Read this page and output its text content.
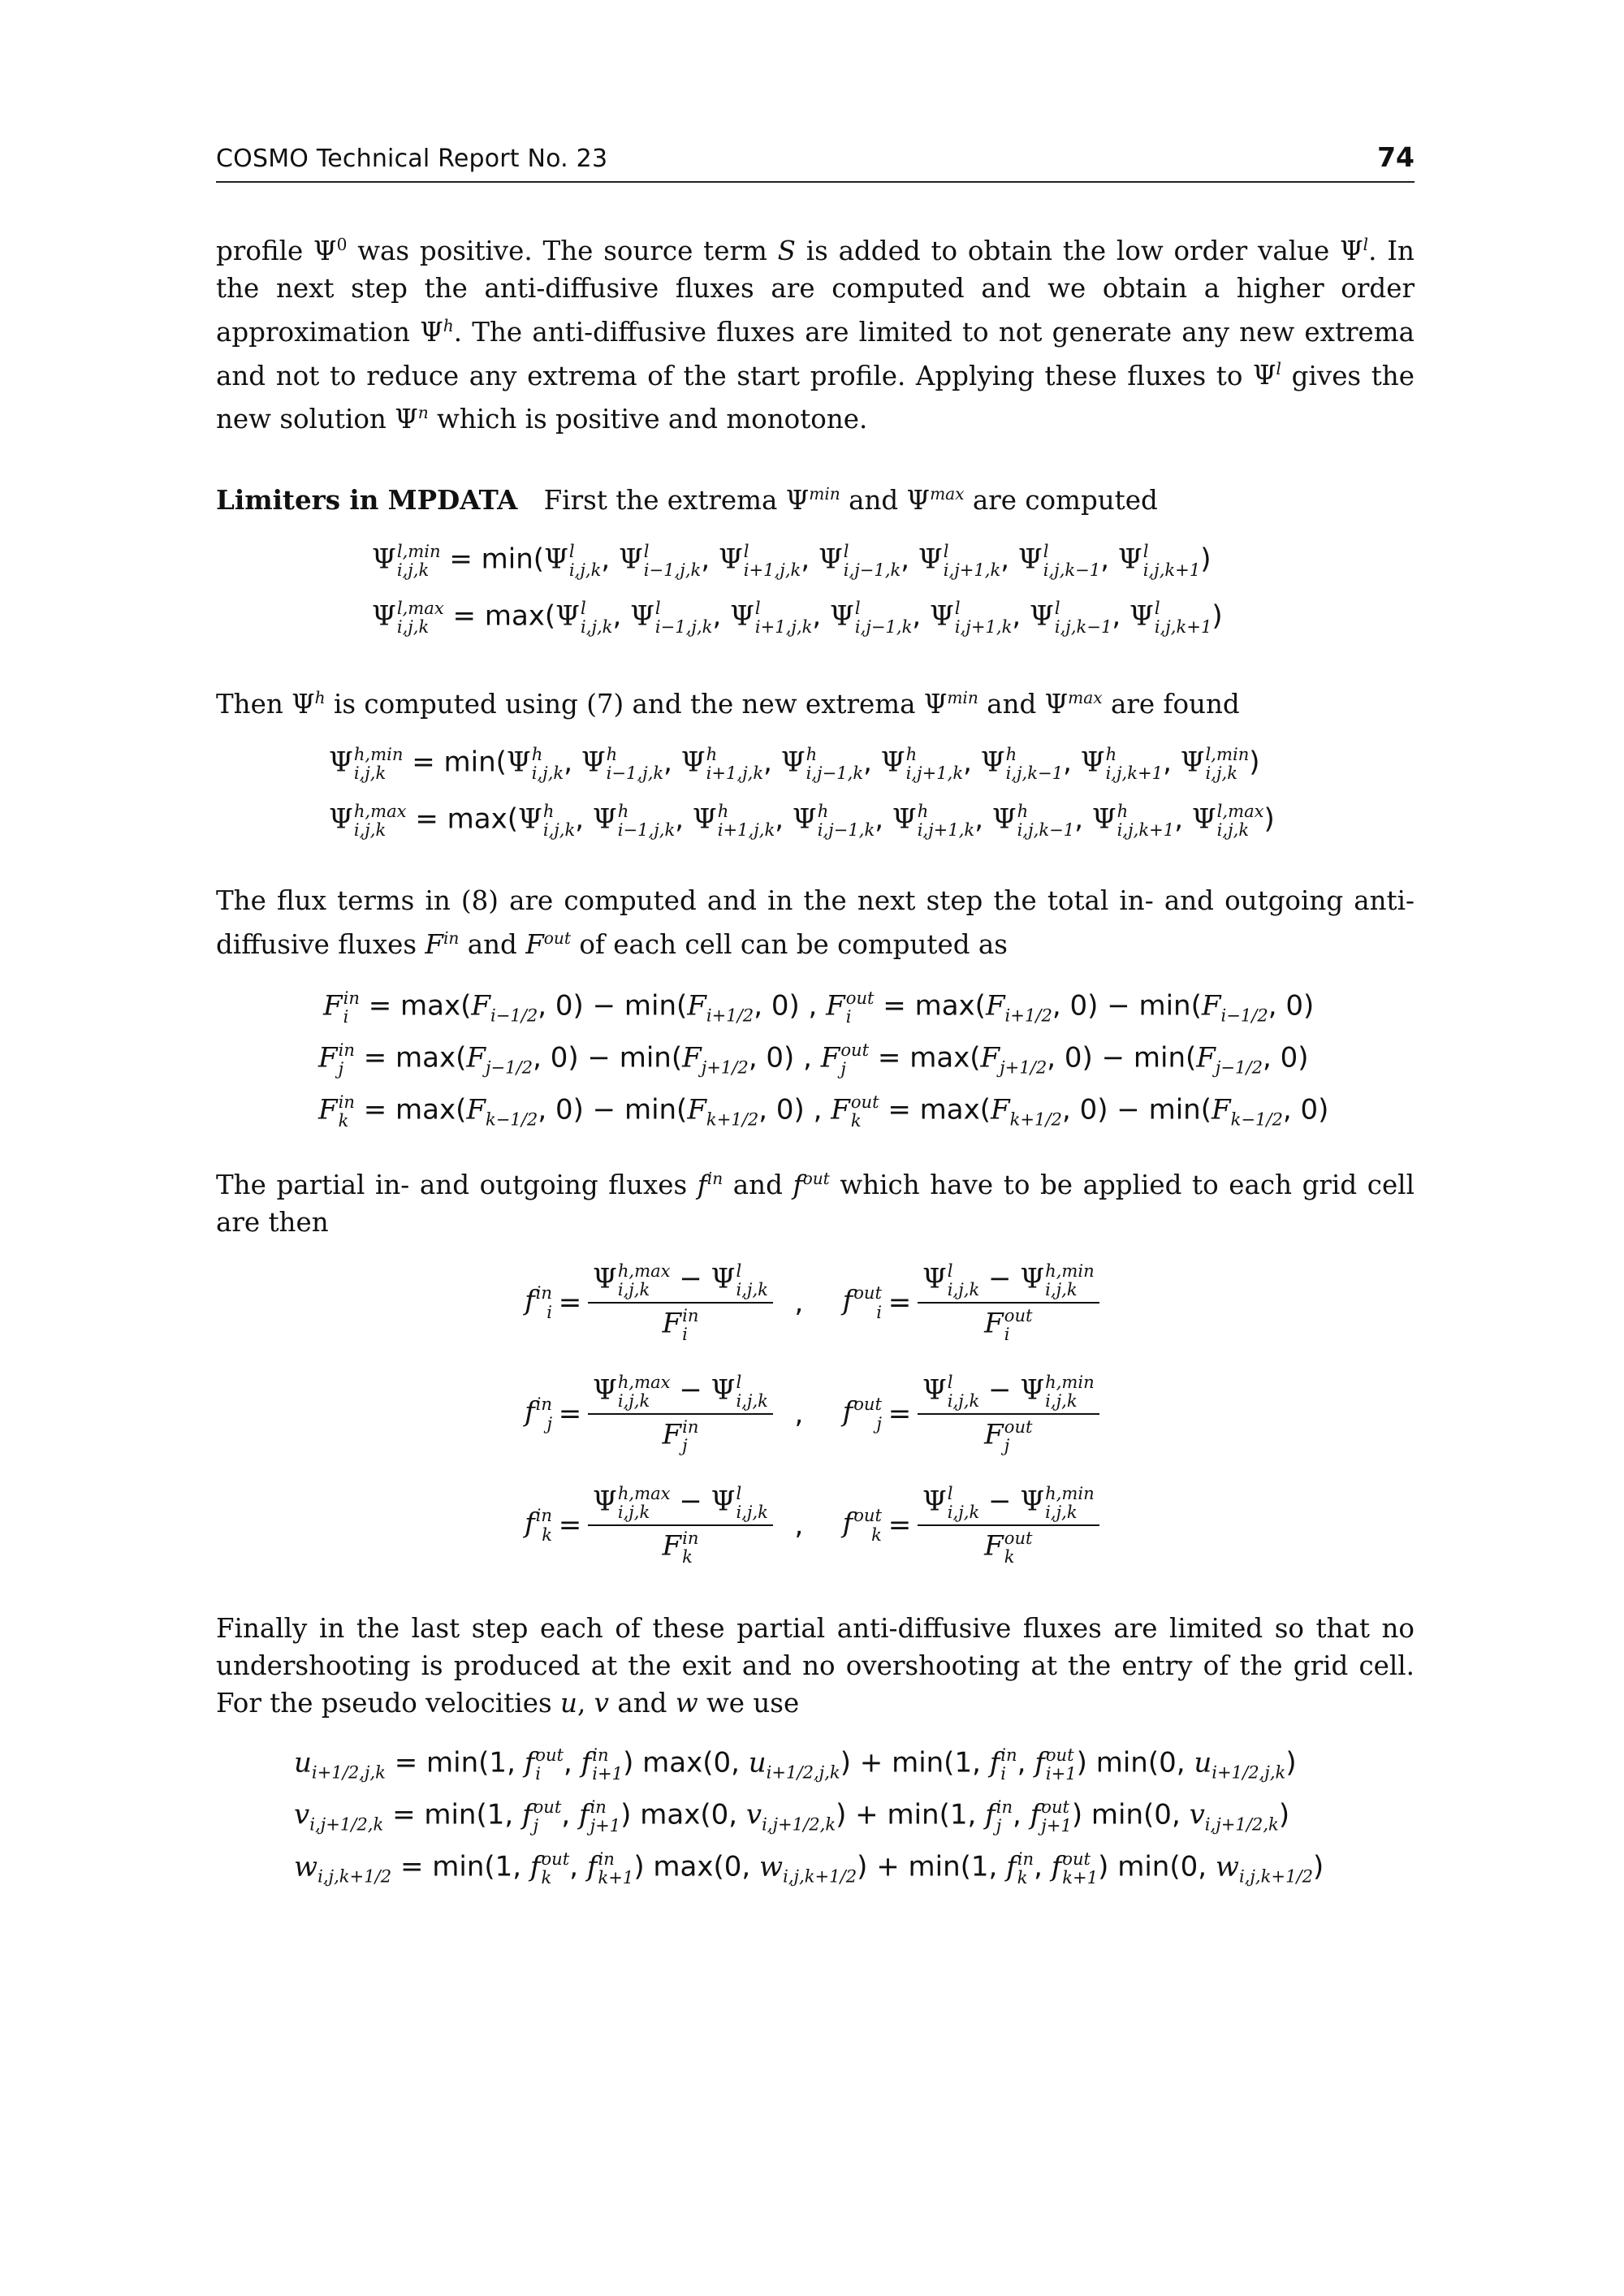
COSMO Technical Report No. 23	74
profile $\Psi^0$ was positive. The source term S is added to obtain the low order value $\Psi^l$. In the next step the anti-diffusive fluxes are computed and we obtain a higher order approximation $\Psi^h$. The anti-diffusive fluxes are limited to not generate any new extrema and not to reduce any extrema of the start profile. Applying these fluxes to $\Psi^l$ gives the new solution $\Psi^n$ which is positive and monotone.
Limiters in MPDATA First the extrema $\Psi^{min}$ and $\Psi^{max}$ are computed
Ψ l,min
i,j,k = min(Ψ l
i,j,k , Ψ l
i−1,j,k , Ψ l
i+1,j,k , Ψ l
i,j−1,k , Ψ l
i,j+1,k , Ψ l
i,j,k−1 , Ψ l
i,j,k+1 )
Ψ l,max
i,j,k = max(Ψ l
i,j,k , Ψ l
i−1,j,k , Ψ l
i+1,j,k , Ψ l
i,j−1,k , Ψ l
i,j+1,k , Ψ l
i,j,k−1 , Ψ l
i,j,k+1 )
Then $\Psi^h$ is computed using (7) and the new extrema $\Psi^{min}$ and $\Psi^{max}$ are found
Ψ h,min
i,j,k = min(Ψ h
i,j,k , Ψ h
i−1,j,k , Ψ h
i+1,j,k , Ψ h
i,j−1,k , Ψ h
i,j+1,k , Ψ h
i,j,k−1 , Ψ h
i,j,k+1 , Ψ l,min
i,j,k )
Ψ h,max
i,j,k = max(Ψ h
i,j,k , Ψ h
i−1,j,k , Ψ h
i+1,j,k , Ψ h
i,j−1,k , Ψ h
i,j+1,k , Ψ h
i,j,k−1 , Ψ h
i,j,k+1 , Ψ l,max
i,j,k )
The flux terms in (8) are computed and in the next step the total in- and outgoing anti- diffusive fluxes $F^{in}$ and $F^{out}$ of each cell can be computed as
F in
$i = \max(F_{i-1/2}$, $0) - \min(F_{i+1/2}$, 0) , F out
$i = \max(F_{i+1/2}$, $0) - \min(F_{i-1/2}$, 0)
F in
$j = \max(F_{j-1/2}$, $0) - \min(F_{j+1/2}$, 0) , F out
$j = \max(F_{j+1/2}$, $0) - \min(F_{j-1/2}$, 0)
F in
$k = \max(F_{k-1/2}$, $0) - \min(F_{k+1/2}$, 0) , F out
$k = \max(F_{k+1/2}$, $0) - \min(F_{k-1/2}$, 0)
The partial in- and outgoing fluxes $f^{in}$ and $f^{out}$ which have to be applied to each grid cell are then
f in
i = Ψ h,max
i,j,k − Ψ l
i,j,k
F in
i ,	f out
i = Ψ l
i,j,k − Ψ h,min
i,j,k
F out
i
f in
j = Ψ h,max
i,j,k − Ψ l
i,j,k
F in
j ,	f out
j = Ψ l
i,j,k − Ψ h,min
i,j,k
F out
j
f in
k = Ψ h,max
i,j,k − Ψ l
i,j,k
F in
k ,	f out
k = Ψ l
i,j,k − Ψ h,min
i,j,k
F out
k
Finally in the last step each of these partial anti-diffusive fluxes are limited so that no undershooting is produced at the exit and no overshooting at the entry of the grid cell. For the pseudo velocities u, v and w we use
$u_{i+1/2,j,k} = \min(1$, f out
i , f in
i+1 ) max(0, $u_{i+1/2,j,k}) + \min(1$, f in
i , f out
i+1 ) min(0, $u_{i+1/2,j,k}$)
$v_{i,j+1/2,k} = \min(1$, f out
j , f in
j+1 ) max(0, $v_{i,j+1/2,k}) + \min(1$, f in
j , f out
j+1 ) min(0, $v_{i,j+1/2,k}$)
$w_{i,j,k+1/2} = \min(1$, f out
k , f in
k+1 ) max(0, $w_{i,j,k+1/2}) + \min(1$, f in
k , f out
k+1 ) min(0, $w_{i,j,k+1/2}$)
